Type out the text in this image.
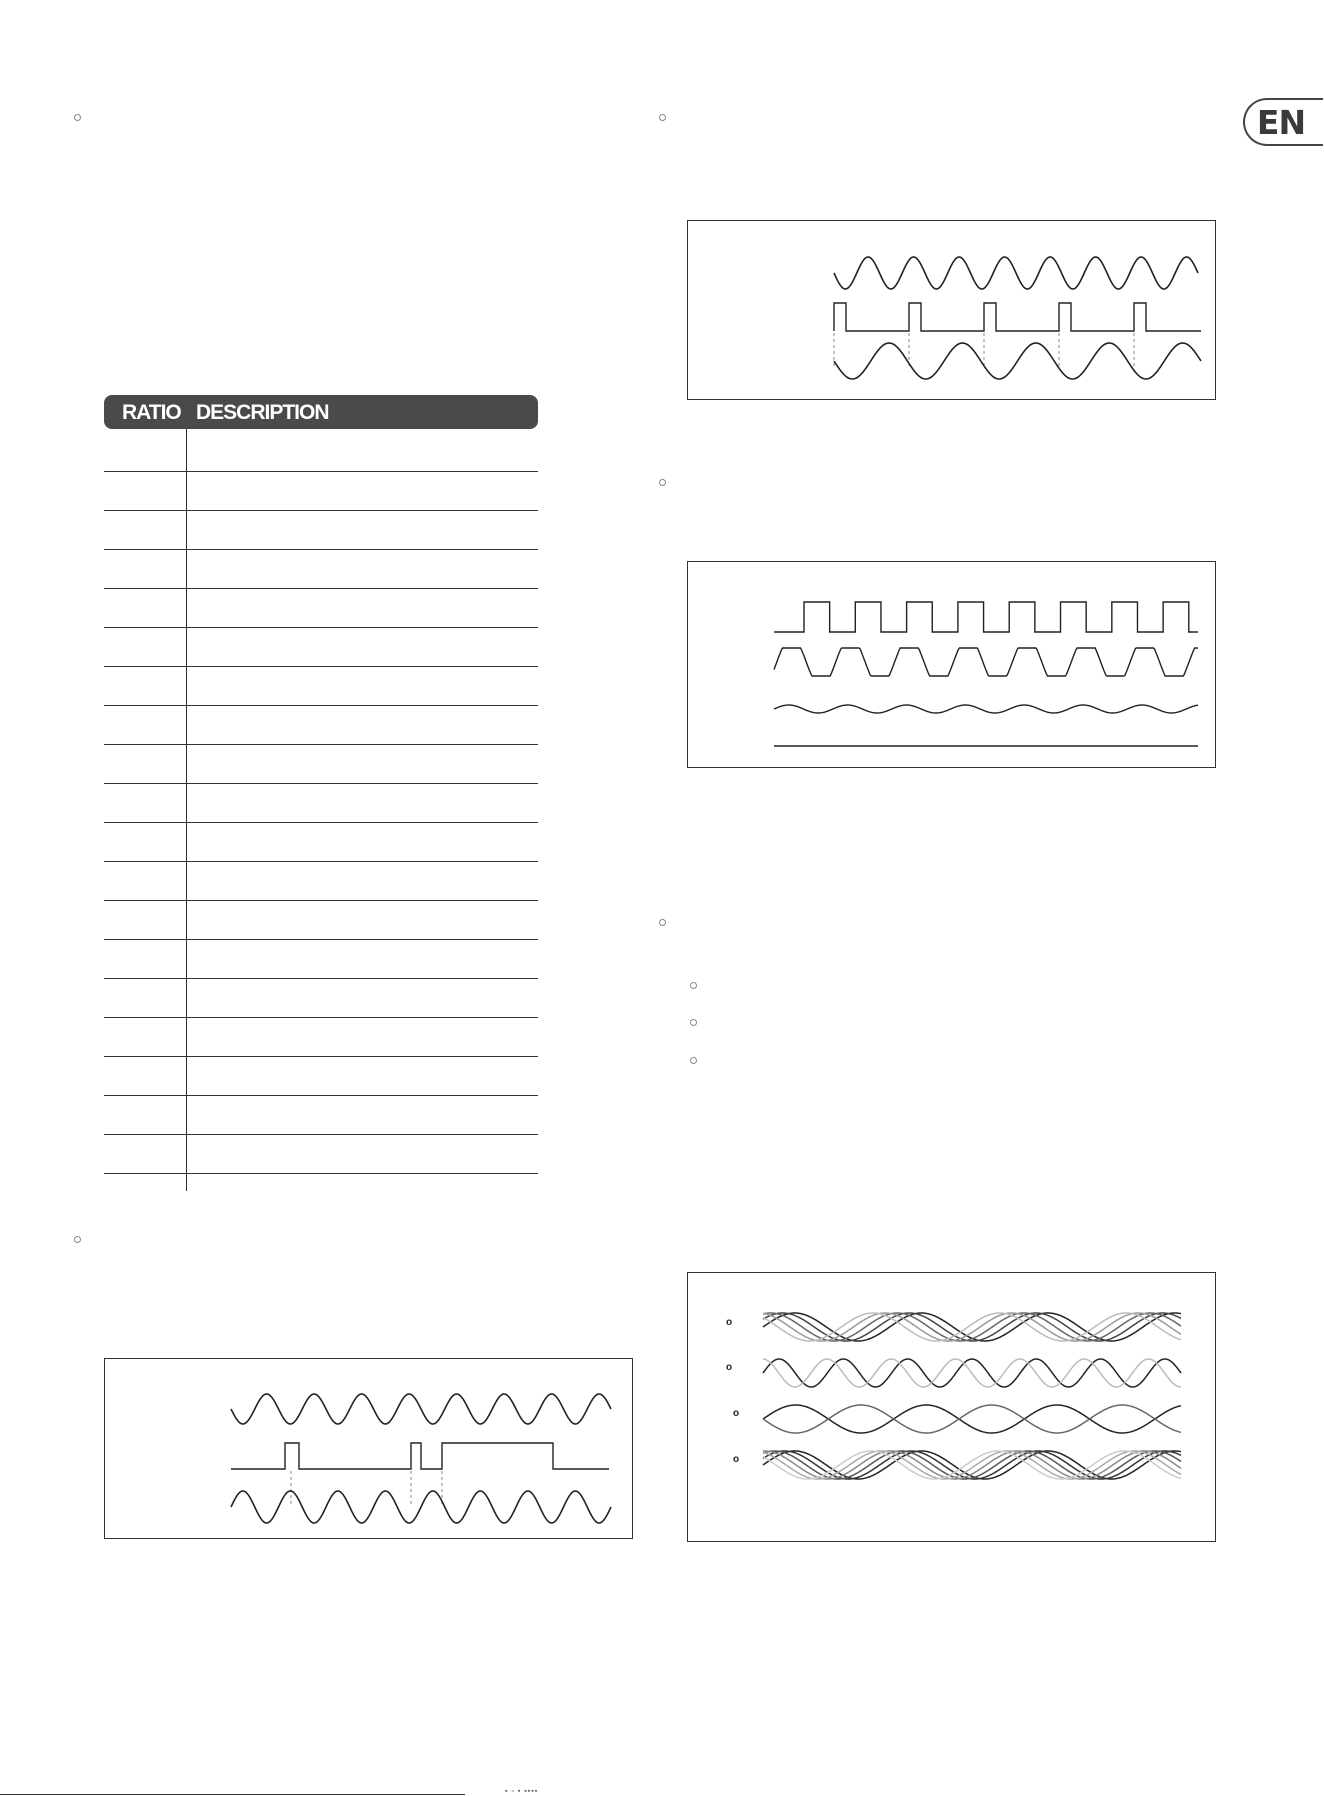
EN
RATIO DESCRIPTION
o
o
o
o
▪ ▫ ▪ ▪▪▪▪
